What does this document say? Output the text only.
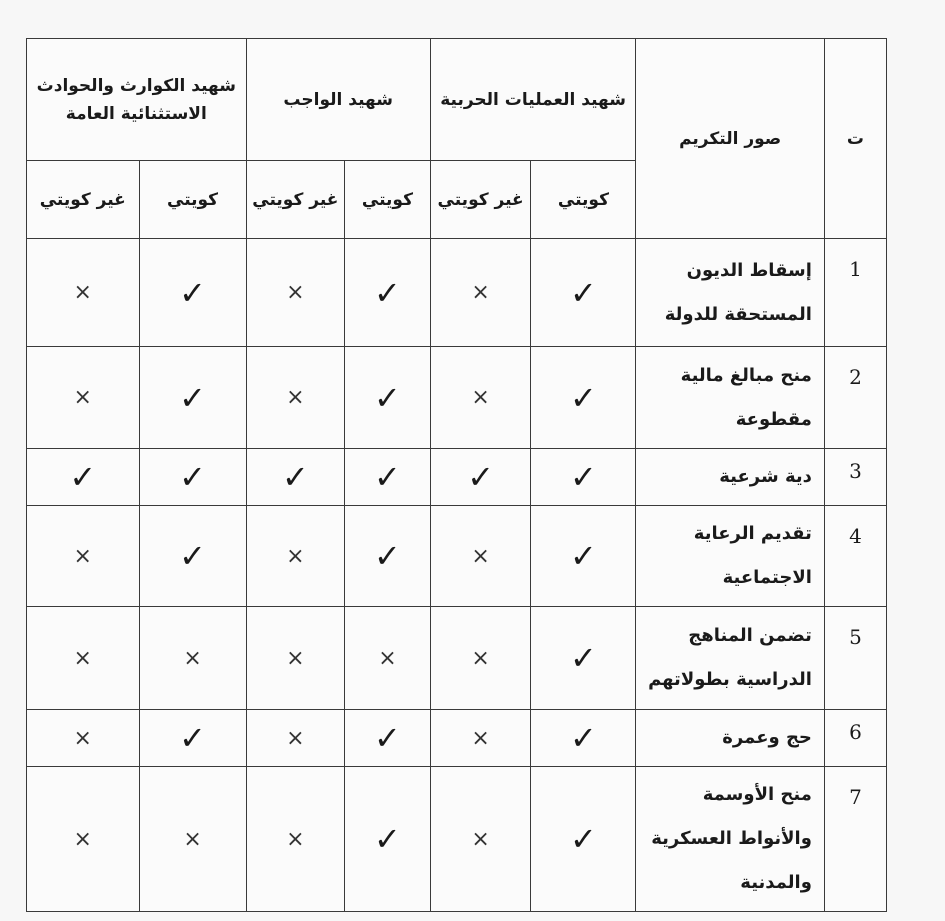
ت	صور التكريم	شهيد العمليات الحربية		شهيد الواجب		شهيد الكوارث والحوادث الاستثنائية العامة	
		كويتي	غير كويتي	كويتي	غير كويتي	كويتي	غير كويتي
1	إسقاط الديون المستحقة للدولة	✓	×	✓	×	✓	×
2	منح مبالغ مالية مقطوعة	✓	×	✓	×	✓	×
3	دية شرعية	✓	✓	✓	✓	✓	✓
4	تقديم الرعاية الاجتماعية	✓	×	✓	×	✓	×
5	تضمن المناهج الدراسية بطولاتهم	✓	×	×	×	×	×
6	حج وعمرة	✓	×	✓	×	✓	×
7	منح الأوسمة والأنواط العسكرية والمدنية	✓	×	✓	×	×	×
